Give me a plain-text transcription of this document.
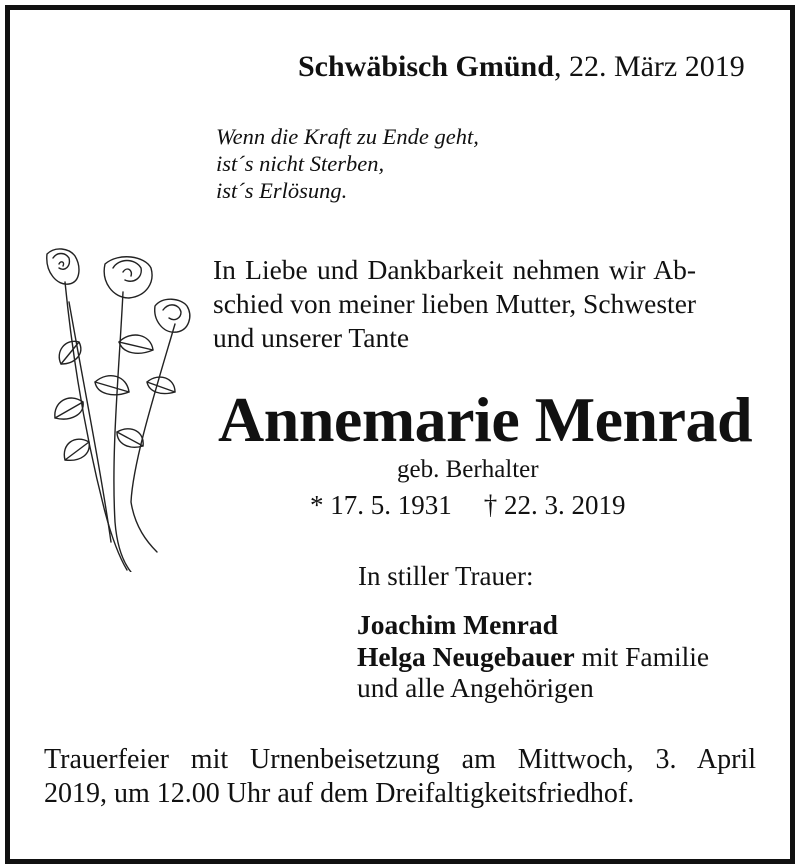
Schwäbisch Gmünd, 22. März 2019
Wenn die Kraft zu Ende geht,
ist´s nicht Sterben,
ist´s Erlösung.
In Liebe und Dankbarkeit nehmen wir Ab-
schied von meiner lieben Mutter, Schwester
und unserer Tante
Annemarie Menrad
geb. Berhalter
* 17. 5. 1931 † 22. 3. 2019
In stiller Trauer:
Joachim Menrad
Helga Neugebauer mit Familie
und alle Angehörigen
Trauerfeier mit Urnenbeisetzung am Mittwoch, 3. April
2019, um 12.00 Uhr auf dem Dreifaltigkeitsfriedhof.
